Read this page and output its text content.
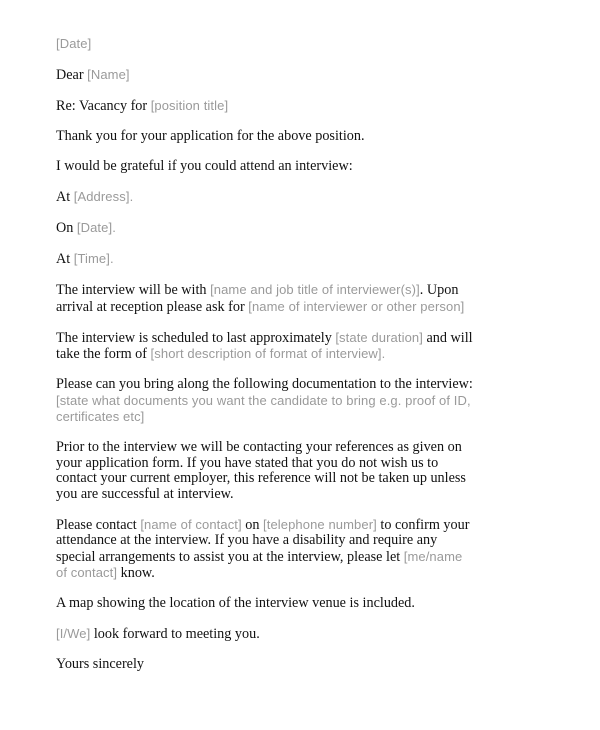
[Date]

Dear [Name]

Re: Vacancy for [position title]

Thank you for your application for the above position.

I would be grateful if you could attend an interview:

At [Address].

On [Date].

At [Time].

The interview will be with [name and job title of interviewer(s)]. Upon
arrival at reception please ask for [name of interviewer or other person]

The interview is scheduled to last approximately [state duration] and will
take the form of [short description of format of interview].

Please can you bring along the following documentation to the interview:
[state what documents you want the candidate to bring e.g. proof of ID,
certificates etc]

Prior to the interview we will be contacting your references as given on
your application form. If you have stated that you do not wish us to
contact your current employer, this reference will not be taken up unless
you are successful at interview.

Please contact [name of contact] on [telephone number] to confirm your
attendance at the interview. If you have a disability and require any
special arrangements to assist you at the interview, please let [me/name
of contact] know.

A map showing the location of the interview venue is included.

[I/We] look forward to meeting you.

Yours sincerely
